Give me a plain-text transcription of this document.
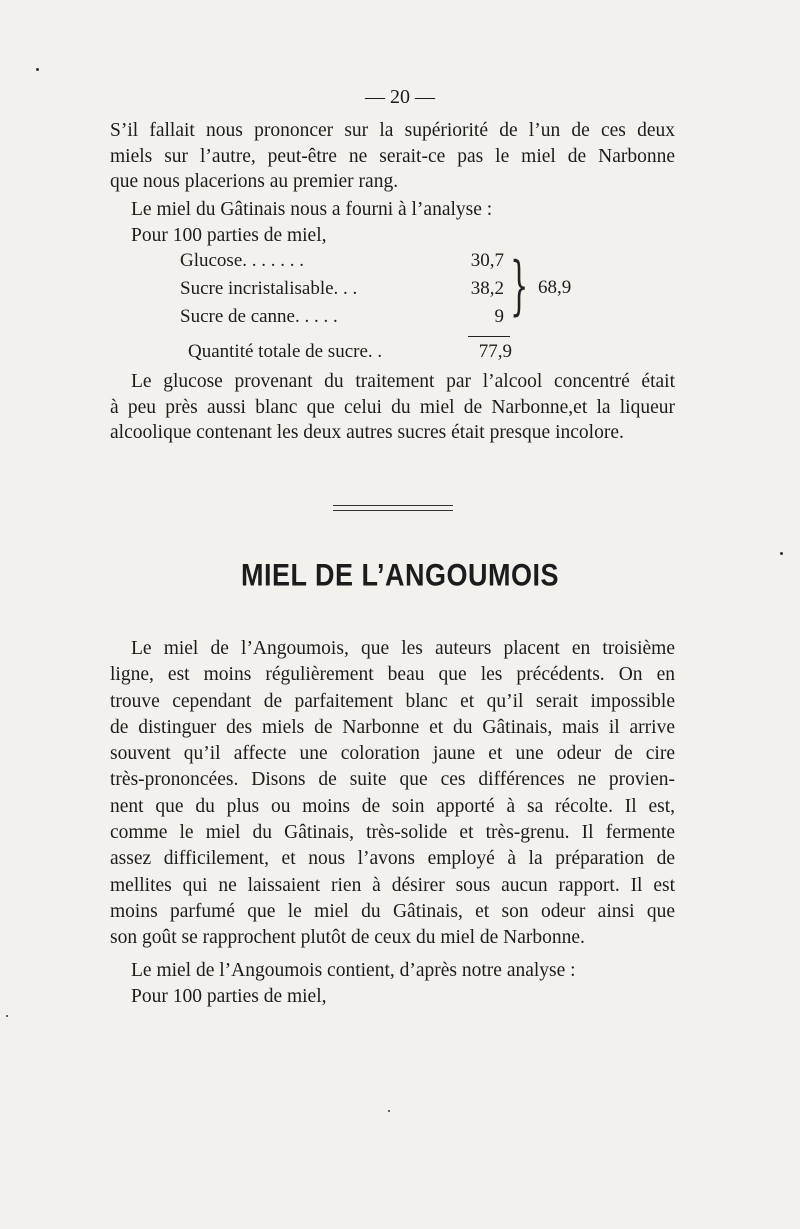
— 20 —
S’il fallait nous prononcer sur la supériorité de l’un de ces deux
miels sur l’autre, peut-être ne serait-ce pas le miel de Narbonne
que nous placerions au premier rang.
Le miel du Gâtinais nous a fourni à l’analyse :
Pour 100 parties de miel,
Glucose. . . . . . .	30,7
Sucre incristalisable. . .	38,2
Sucre de canne. . . . .	9 } 68,9
Quantité totale de sucre. .	77,9
Le glucose provenant du traitement par l’alcool concentré était
à peu près aussi blanc que celui du miel de Narbonne,et la liqueur
alcoolique contenant les deux autres sucres était presque incolore.
MIEL DE L’ANGOUMOIS
Le miel de l’Angoumois, que les auteurs placent en troisième
ligne, est moins régulièrement beau que les précédents. On en
trouve cependant de parfaitement blanc et qu’il serait impossible
de distinguer des miels de Narbonne et du Gâtinais, mais il arrive
souvent qu’il affecte une coloration jaune et une odeur de cire
très-prononcées. Disons de suite que ces différences ne provien-
nent que du plus ou moins de soin apporté à sa récolte. Il est,
comme le miel du Gâtinais, très-solide et très-grenu. Il fermente
assez difficilement, et nous l’avons employé à la préparation de
mellites qui ne laissaient rien à désirer sous aucun rapport. Il est
moins parfumé que le miel du Gâtinais, et son odeur ainsi que
son goût se rapprochent plutôt de ceux du miel de Narbonne.
Le miel de l’Angoumois contient, d’après notre analyse :
Pour 100 parties de miel,
